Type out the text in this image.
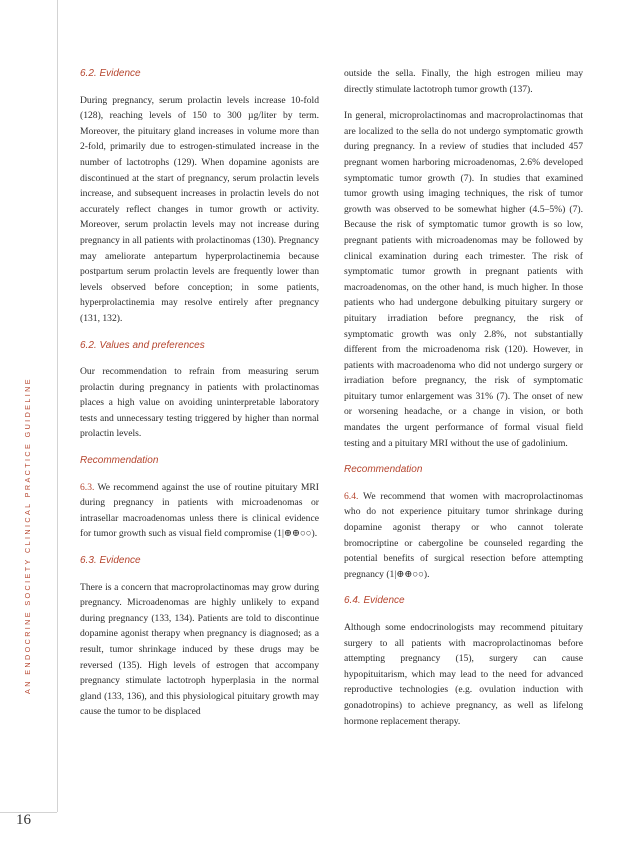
AN ENDOCRINE SOCIETY CLINICAL PRACTICE GUIDELINE
16
6.2. Evidence

During pregnancy, serum prolactin levels increase 10-fold (128), reaching levels of 150 to 300 µg/liter by term. Moreover, the pituitary gland increases in volume more than 2-fold, primarily due to estrogen-stimulated increase in the number of lactotrophs (129). When dopamine agonists are discontinued at the start of pregnancy, serum prolactin levels increase, and subsequent increases in prolactin levels do not accurately reflect changes in tumor growth or activity. Moreover, serum prolactin levels may not increase during pregnancy in all patients with prolactinomas (130). Pregnancy may ameliorate antepartum hyperprolactinemia because postpartum serum prolactin levels are frequently lower than levels observed before conception; in some patients, hyperprolactinemia may resolve entirely after pregnancy (131, 132).

6.2. Values and preferences

Our recommendation to refrain from measuring serum prolactin during pregnancy in patients with prolactinomas places a high value on avoiding uninterpretable laboratory tests and unnecessary testing triggered by higher than normal prolactin levels.

Recommendation

6.3. We recommend against the use of routine pituitary MRI during pregnancy in patients with microadenomas or intrasellar macroadenomas unless there is clinical evidence for tumor growth such as visual field compromise (1|⊕⊕○○).

6.3. Evidence

There is a concern that macroprolactinomas may grow during pregnancy. Microadenomas are highly unlikely to expand during pregnancy (133, 134). Patients are told to discontinue dopamine agonist therapy when pregnancy is diagnosed; as a result, tumor shrinkage induced by these drugs may be reversed (135). High levels of estrogen that accompany pregnancy stimulate lactotroph hyperplasia in the normal gland (133, 136), and this physiological pituitary growth may cause the tumor to be displaced

outside the sella. Finally, the high estrogen milieu may directly stimulate lactotroph tumor growth (137).

In general, microprolactinomas and macroprolactinomas that are localized to the sella do not undergo symptomatic growth during pregnancy. In a review of studies that included 457 pregnant women harboring microadenomas, 2.6% developed symptomatic tumor growth (7). In studies that examined tumor growth using imaging techniques, the risk of tumor growth was observed to be somewhat higher (4.5–5%) (7). Because the risk of symptomatic tumor growth is so low, pregnant patients with microadenomas may be followed by clinical examination during each trimester. The risk of symptomatic tumor growth in pregnant patients with macroadenomas, on the other hand, is much higher. In those patients who had undergone debulking pituitary surgery or pituitary irradiation before pregnancy, the risk of symptomatic growth was only 2.8%, not substantially different from the microadenoma risk (120). However, in patients with macroadenoma who did not undergo surgery or irradiation before pregnancy, the risk of symptomatic pituitary tumor enlargement was 31% (7). The onset of new or worsening headache, or a change in vision, or both mandates the urgent performance of formal visual field testing and a pituitary MRI without the use of gadolinium.

Recommendation

6.4. We recommend that women with macroprolactinomas who do not experience pituitary tumor shrinkage during dopamine agonist therapy or who cannot tolerate bromocriptine or cabergoline be counseled regarding the potential benefits of surgical resection before attempting pregnancy (1|⊕⊕○○).

6.4. Evidence

Although some endocrinologists may recommend pituitary surgery to all patients with macroprolactinomas before attempting pregnancy (15), surgery can cause hypopituitarism, which may lead to the need for advanced reproductive technologies (e.g. ovulation induction with gonadotropins) to achieve pregnancy, as well as lifelong hormone replacement therapy.
